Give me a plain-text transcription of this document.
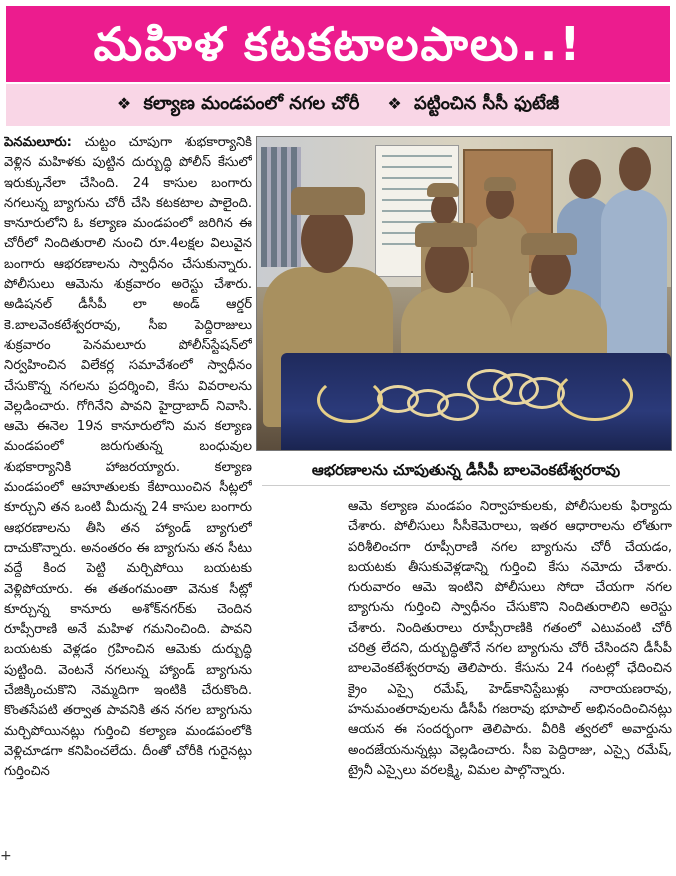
మహిళ కటకటాలపాలు..!
❖ కల్యాణ మండపంలో నగల చోరీ ❖ పట్టించిన సీసీ ఫుటేజీ
పెనమలూరు: చుట్టం చూపుగా శుభకార్యానికి వెళ్లిన మహిళకు పుట్టిన దుర్బుద్ధి పోలీస్ కేసులో ఇరుక్కునేలా చేసింది. 24 కాసుల బంగారు నగలున్న బ్యాగును చోరీ చేసి కటకటాల పాలైంది. కానూరులోని ఓ కల్యాణ మండపంలో జరిగిన ఈ చోరీలో నిందితురాలి నుంచి రూ.4లక్షల విలువైన బంగారు ఆభరణాలను స్వాధీనం చేసుకున్నారు. పోలీసులు ఆమెను శుక్రవారం అరెస్టు చేశారు. అడిషనల్ డీసీపీ లా అండ్ ఆర్డర్ కె.బాలవెంకటేశ్వరరావు, సీఐ పెద్దిరాజులు శుక్రవారం పెనమలూరు పోలీస్‌స్టేషన్‌లో నిర్వహించిన విలేకర్ల సమావేశంలో స్వాధీనం చేసుకొన్న నగలను ప్రదర్శించి, కేసు వివరాలను వెల్లడించారు. గోగినేని పావని హైద్రాబాద్ నివాసి. ఆమె ఈనెల 19న కానూరులోని మన కల్యాణ మండపంలో జరుగుతున్న బంధువుల శుభకార్యానికి హాజరయ్యారు. కల్యాణ మండపంలో ఆహూతులకు కేటాయించిన సీట్లలో కూర్చుని తన ఒంటి మీదున్న 24 కాసుల బంగారు ఆభరణాలను తీసి తన హ్యాండ్ బ్యాగులో దాచుకొన్నారు. అనంతరం ఈ బ్యాగును తన సీటు వద్దే కింద పెట్టి మర్చిపోయి బయటకు వెళ్లిపోయారు. ఈ తతంగమంతా వెనుక సీట్లో కూర్చున్న కానూరు అశోక్‌నగర్‌కు చెందిన రూప్సీరాణి అనే మహిళ గమనించింది. పావని బయటకు వెళ్లడం గ్రహించిన ఆమెకు దుర్బుద్ధి పుట్టింది. వెంటనే నగలున్న హ్యాండ్ బ్యాగును చేజిక్కించుకొని నెమ్మదిగా ఇంటికి చేరుకొంది. కొంతసేపటి తర్వాత పావనికి తన నగల బ్యాగును మర్చిపోయినట్లు గుర్తించి కల్యాణ మండపంలోకి వెళ్లిచూడగా కనిపించలేదు. దీంతో చోరీకి గురైనట్లు గుర్తించిన
ఆభరణాలను చూపుతున్న డీసీపీ బాలవెంకటేశ్వరరావు
ఆమె కల్యాణ మండపం నిర్వాహకులకు, పోలీసులకు ఫిర్యాదు చేశారు. పోలీసులు సీసీకెమెరాలు, ఇతర ఆధారాలను లోతుగా పరిశీలించగా రూప్సీరాణి నగల బ్యాగును చోరీ చేయడం, బయటకు తీసుకువెళ్లడాన్ని గుర్తించి కేసు నమోదు చేశారు. గురువారం ఆమె ఇంటిని పోలీసులు సోదా చేయగా నగల బ్యాగును గుర్తించి స్వాధీనం చేసుకొని నిందితురాలిని అరెస్టు చేశారు. నిందితురాలు రూప్సీరాణికి గతంలో ఎటువంటి చోరీ చరిత్ర లేదని, దుర్బుద్ధితోనే నగల బ్యాగును చోరీ చేసిందని డీసీపీ బాలవెంకటేశ్వరరావు తెలిపారు. కేసును 24 గంటల్లో ఛేదించిన క్రైం ఎస్సై రమేష్, హెడ్‌కానిస్టేబుళ్లు నారాయణరావు, హనుమంతరావులను డీసీపీ గజరావు భూపాల్ అభినందించినట్లు ఆయన ఈ సందర్భంగా తెలిపారు. వీరికి త్వరలో అవార్డును అందజేయనున్నట్లు వెల్లడించారు. సీఐ పెద్దిరాజు, ఎస్సై రమేష్, ట్రైనీ ఎస్సైలు వరలక్ష్మి, విమల పాల్గొన్నారు.
+
